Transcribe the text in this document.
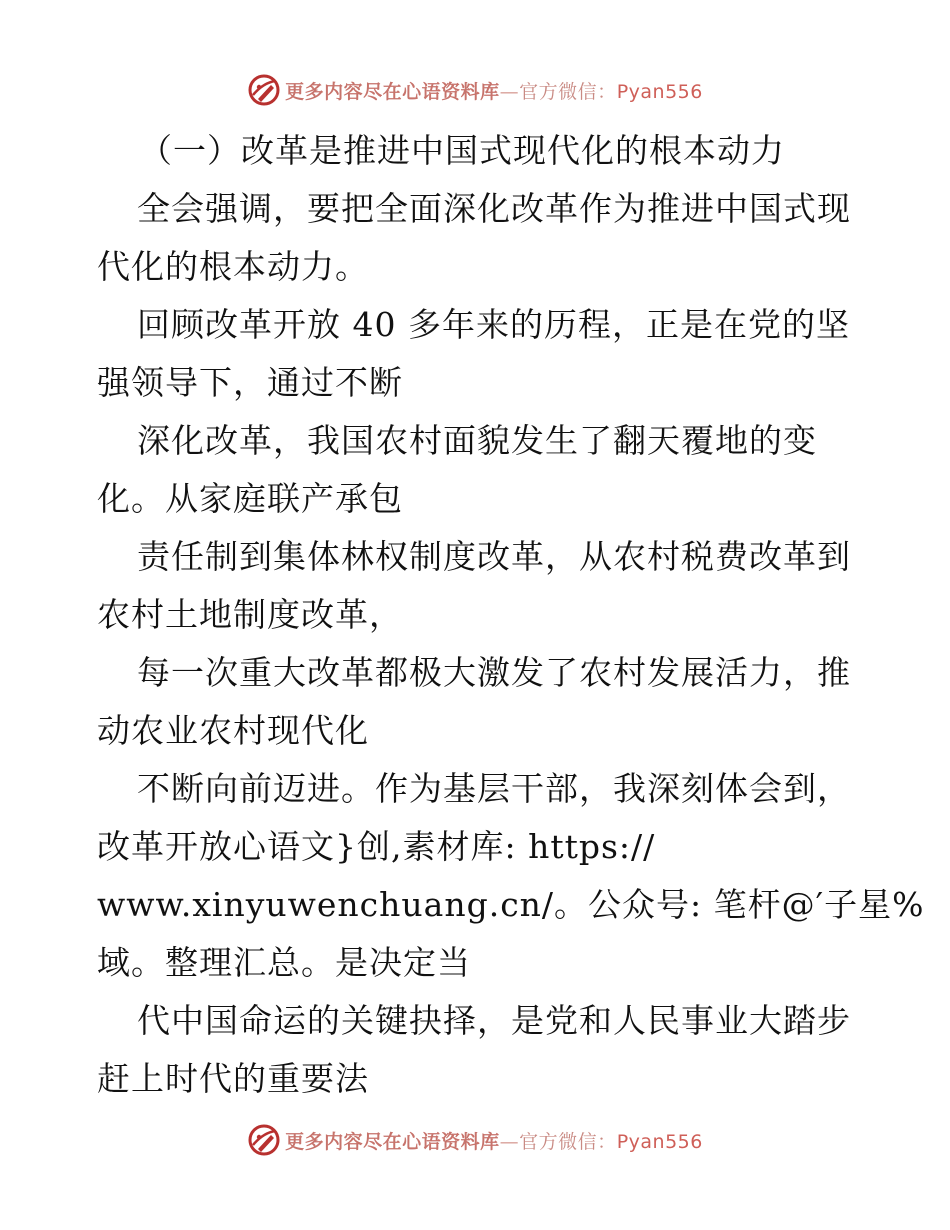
更多内容尽在心语资料库—官方微信：Pyan556
（一）改革是推进中国式现代化的根本动力
全会强调，要把全面深化改革作为推进中国式现
代化的根本动力。
回顾改革开放 40 多年来的历程，正是在党的坚
强领导下，通过不断
深化改革，我国农村面貌发生了翻天覆地的变
化。从家庭联产承包
责任制到集体林权制度改革，从农村税费改革到
农村土地制度改革，
每一次重大改革都极大激发了农村发展活力，推
动农业农村现代化
不断向前迈进。作为基层干部，我深刻体会到，
改革开放心语文}创,素材库: https://
www.xinyuwenchuang.cn/。公众号: 笔杆@′子星%
域。整理汇总。是决定当
代中国命运的关键抉择，是党和人民事业大踏步
赶上时代的重要法
更多内容尽在心语资料库—官方微信：Pyan556
